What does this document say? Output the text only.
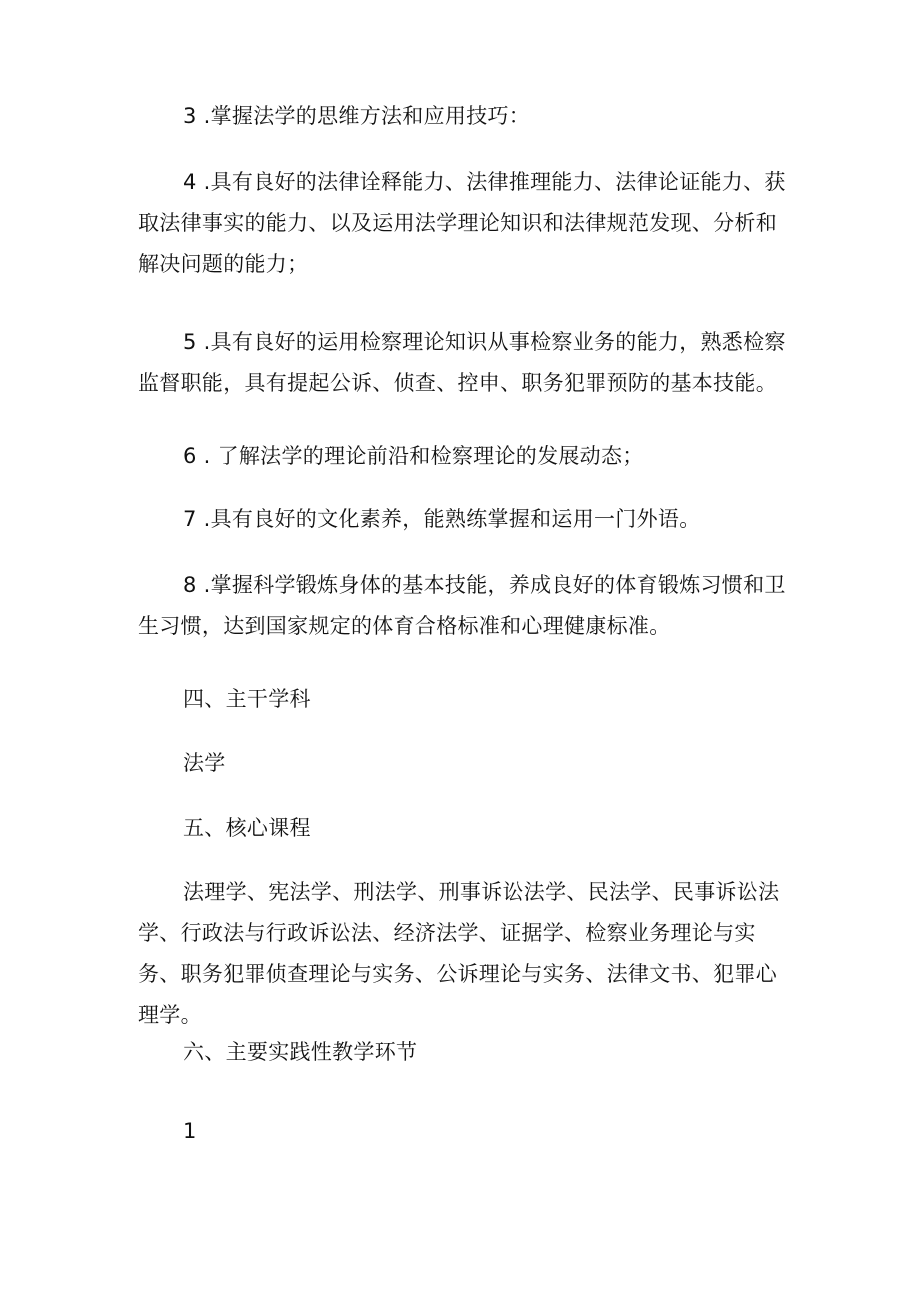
3 .掌握法学的思维方法和应用技巧：

4 .具有良好的法律诠释能力、法律推理能力、法律论证能力、获取法律事实的能力、以及运用法学理论知识和法律规范发现、分析和解决问题的能力；

5 .具有良好的运用检察理论知识从事检察业务的能力，熟悉检察监督职能，具有提起公诉、侦查、控申、职务犯罪预防的基本技能。

6 . 了解法学的理论前沿和检察理论的发展动态；

7 .具有良好的文化素养，能熟练掌握和运用一门外语。

8 .掌握科学锻炼身体的基本技能，养成良好的体育锻炼习惯和卫生习惯，达到国家规定的体育合格标准和心理健康标准。

四、主干学科

法学

五、核心课程

法理学、宪法学、刑法学、刑事诉讼法学、民法学、民事诉讼法学、行政法与行政诉讼法、经济法学、证据学、检察业务理论与实务、职务犯罪侦查理论与实务、公诉理论与实务、法律文书、犯罪心理学。

六、主要实践性教学环节

1
